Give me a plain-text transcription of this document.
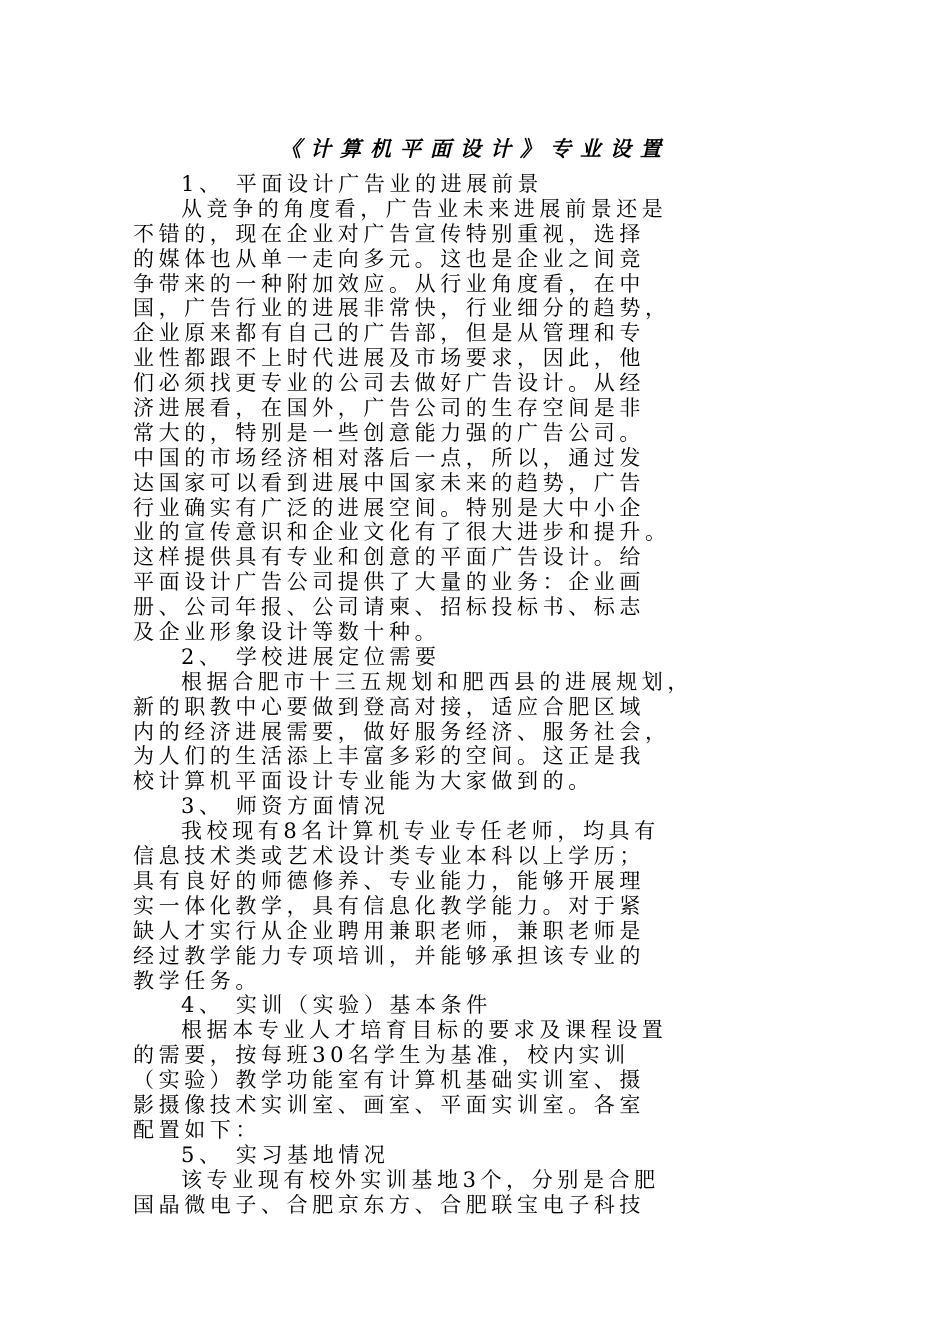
《计算机平面设计》专业设置
1、 平面设计广告业的进展前景
从竞争的角度看，广告业未来进展前景还是
不错的，现在企业对广告宣传特别重视，选择
的媒体也从单一走向多元。这也是企业之间竞
争带来的一种附加效应。从行业角度看，在中
国，广告行业的进展非常快，行业细分的趋势，
企业原来都有自己的广告部，但是从管理和专
业性都跟不上时代进展及市场要求，因此，他
们必须找更专业的公司去做好广告设计。从经
济进展看，在国外，广告公司的生存空间是非
常大的，特别是一些创意能力强的广告公司。
中国的市场经济相对落后一点，所以，通过发
达国家可以看到进展中国家未来的趋势，广告
行业确实有广泛的进展空间。特别是大中小企
业的宣传意识和企业文化有了很大进步和提升。
这样提供具有专业和创意的平面广告设计。给
平面设计广告公司提供了大量的业务：企业画
册、公司年报、公司请柬、招标投标书、标志
及企业形象设计等数十种。
2、 学校进展定位需要
根据合肥市十三五规划和肥西县的进展规划，
新的职教中心要做到登高对接，适应合肥区域
内的经济进展需要，做好服务经济、服务社会，
为人们的生活添上丰富多彩的空间。这正是我
校计算机平面设计专业能为大家做到的。
3、 师资方面情况
我校现有8名计算机专业专任老师，均具有
信息技术类或艺术设计类专业本科以上学历；
具有良好的师德修养、专业能力，能够开展理
实一体化教学，具有信息化教学能力。对于紧
缺人才实行从企业聘用兼职老师，兼职老师是
经过教学能力专项培训，并能够承担该专业的
教学任务。
4、 实训（实验）基本条件
根据本专业人才培育目标的要求及课程设置
的需要，按每班30名学生为基准，校内实训
（实验）教学功能室有计算机基础实训室、摄
影摄像技术实训室、画室、平面实训室。各室
配置如下：
5、 实习基地情况
该专业现有校外实训基地3个，分别是合肥
国晶微电子、合肥京东方、合肥联宝电子科技
